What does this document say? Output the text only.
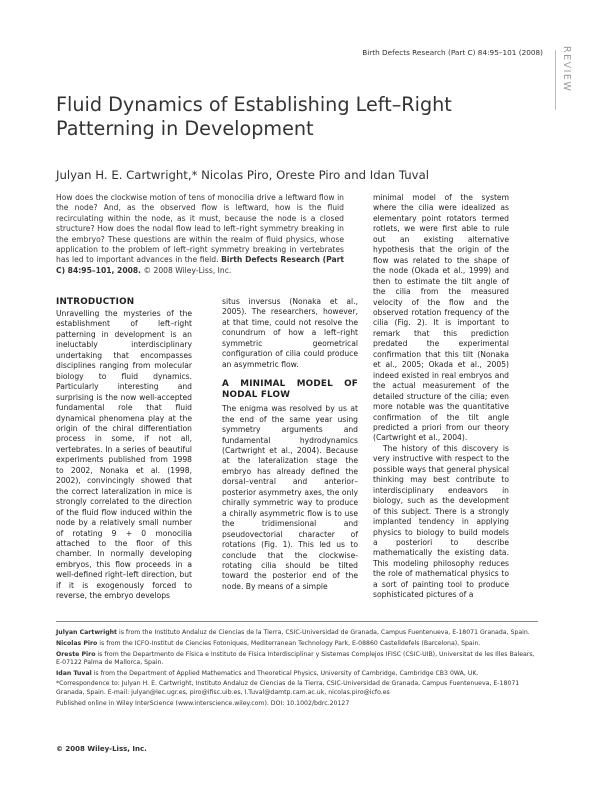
Birth Defects Research (Part C) 84:95–101 (2008) REVIEW
Fluid Dynamics of Establishing Left–Right Patterning in Development
Julyan H. E. Cartwright,* Nicolas Piro, Oreste Piro and Idan Tuval
How does the clockwise motion of tens of monocilia drive a leftward flow in the node? And, as the observed flow is leftward, how is the fluid recirculating within the node, as it must, because the node is a closed structure? How does the nodal flow lead to left–right symmetry breaking in the embryo? These questions are within the realm of fluid physics, whose application to the problem of left–right symmetry breaking in vertebrates has led to important advances in the field. Birth Defects Research (Part C) 84:95–101, 2008. © 2008 Wiley-Liss, Inc.
INTRODUCTION

Unravelling the mysteries of the establishment of left–right patterning in development is an ineluctably interdisciplinary undertaking that encompasses disciplines ranging from molecular biology to fluid dynamics. Particularly interesting and surprising is the now well-accepted fundamental role that fluid dynamical phenomena play at the origin of the chiral differentiation process in some, if not all, vertebrates. In a series of beautiful experiments published from 1998 to 2002, Nonaka et al. (1998, 2002), convincingly showed that the correct lateralization in mice is strongly correlated to the direction of the fluid flow induced within the node by a relatively small number of rotating 9 + 0 monocilia attached to the floor of this chamber. In normally developing embryos, this flow proceeds in a well-defined right–left direction, but if it is exogenously forced to reverse, the embryo develops

situs inversus (Nonaka et al., 2005). The researchers, however, at that time, could not resolve the conundrum of how a left–right symmetric geometrical configuration of cilia could produce an asymmetric flow.

A MINIMAL MODEL OF NODAL FLOW

The enigma was resolved by us at the end of the same year using symmetry arguments and fundamental hydrodynamics (Cartwright et al., 2004). Because at the lateralization stage the embryo has already defined the dorsal–ventral and anterior–posterior asymmetry axes, the only chirally symmetric way to produce a chirally asymmetric flow is to use the tridimensional and pseudovectorial character of rotations (Fig. 1). This led us to conclude that the clockwise-rotating cilia should be tilted toward the posterior end of the node. By means of a simple

minimal model of the system where the cilia were idealized as elementary point rotators termed rotlets, we were first able to rule out an existing alternative hypothesis that the origin of the flow was related to the shape of the node (Okada et al., 1999) and then to estimate the tilt angle of the cilia from the measured velocity of the flow and the observed rotation frequency of the cilia (Fig. 2). It is important to remark that this prediction predated the experimental confirmation that this tilt (Nonaka et al., 2005; Okada et al., 2005) indeed existed in real embryos and the actual measurement of the detailed structure of the cilia; even more notable was the quantitative confirmation of the tilt angle predicted a priori from our theory (Cartwright et al., 2004).

The history of this discovery is very instructive with respect to the possible ways that general physical thinking may best contribute to interdisciplinary endeavors in biology, such as the development of this subject. There is a strongly implanted tendency in applying physics to biology to build models a posteriori to describe mathematically the existing data. This modeling philosophy reduces the role of mathematical physics to a sort of painting tool to produce sophisticated pictures of a

Julyan Cartwright is from the Instituto Andaluz de Ciencias de la Tierra, CSIC-Universidad de Granada, Campus Fuentenueva, E-18071 Granada, Spain.

Nicolas Piro is from the ICFO-Institut de Ciencies Fotoniques, Mediterranean Technology Park, E-08860 Castelldefels (Barcelona), Spain.

Oreste Piro is from the Departmento de Física e Instituto de Física Interdisciplinar y Sistemas Complejos IFISC (CSIC-UIB), Universitat de les Illes Balears, E-07122 Palma de Mallorca, Spain.

Idan Tuval is from the Department of Applied Mathematics and Theoretical Physics, University of Cambridge, Cambridge CB3 0WA, UK.

*Correspondence to: Julyan H. E. Cartwright, Instituto Andaluz de Ciencias de la Tierra, CSIC-Universidad de Granada, Campus Fuentenueva, E-18071 Granada, Spain. E-mail: julyan@lec.ugr.es, piro@ifisc.uib.es, I.Tuval@damtp.cam.ac.uk, nicolas.piro@icfo.es

Published online in Wiley InterScience (www.interscience.wiley.com). DOI: 10.1002/bdrc.20127

© 2008 Wiley-Liss, Inc.
